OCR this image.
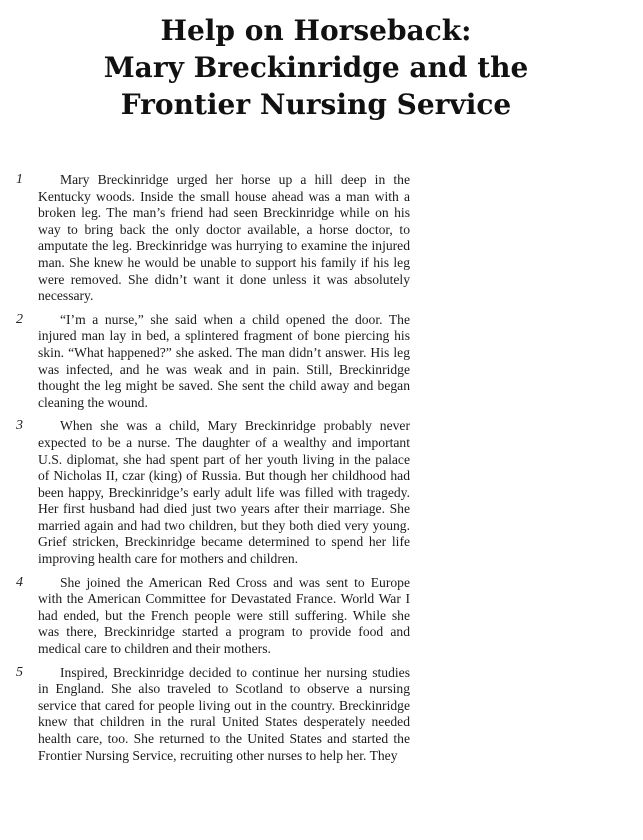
Help on Horseback:
Mary Breckinridge and the
Frontier Nursing Service
1	Mary Breckinridge urged her horse up a hill deep in the Kentucky woods. Inside the small house ahead was a man with a broken leg. The man’s friend had seen Breckinridge while on his way to bring back the only doctor available, a horse doctor, to amputate the leg. Breckinridge was hurrying to examine the injured man. She knew he would be unable to support his family if his leg were removed. She didn’t want it done unless it was absolutely necessary.

2	“I’m a nurse,” she said when a child opened the door. The injured man lay in bed, a splintered fragment of bone piercing his skin. “What happened?” she asked. The man didn’t answer. His leg was infected, and he was weak and in pain. Still, Breckinridge thought the leg might be saved. She sent the child away and began cleaning the wound.

3	When she was a child, Mary Breckinridge probably never expected to be a nurse. The daughter of a wealthy and important U.S. diplomat, she had spent part of her youth living in the palace of Nicholas II, czar (king) of Russia. But though her childhood had been happy, Breckinridge’s early adult life was filled with tragedy. Her first husband had died just two years after their marriage. She married again and had two children, but they both died very young. Grief stricken, Breckinridge became determined to spend her life improving health care for mothers and children.

4	She joined the American Red Cross and was sent to Europe with the American Committee for Devastated France. World War I had ended, but the French people were still suffering. While she was there, Breckinridge started a program to provide food and medical care to children and their mothers.

5	Inspired, Breckinridge decided to continue her nursing studies in England. She also traveled to Scotland to observe a nursing service that cared for people living out in the country. Breckinridge knew that children in the rural United States desperately needed health care, too. She returned to the United States and started the Frontier Nursing Service, recruiting other nurses to help her. They
